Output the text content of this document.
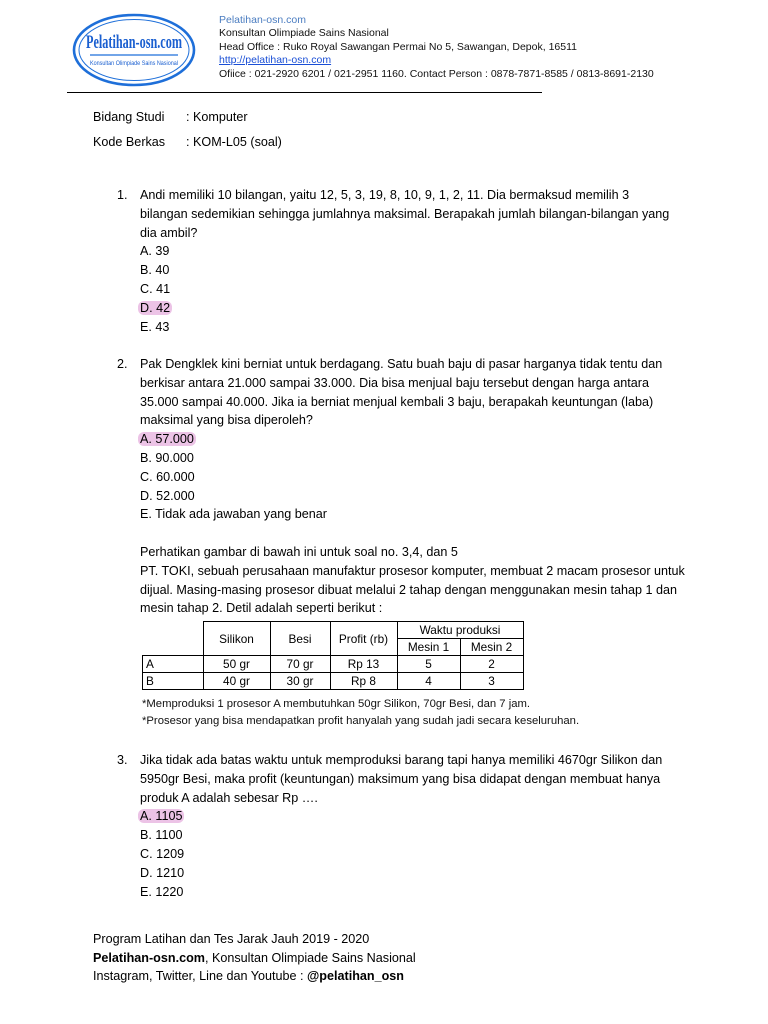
Pelatihan-osn.com
Konsultan Olimpiade Sains Nasional
Pelatihan-osn.com
Konsultan Olimpiade Sains Nasional
Head Office : Ruko Royal Sawangan Permai No 5, Sawangan, Depok, 16511
http://pelatihan-osn.com
Ofiice : 021-2920 6201 / 021-2951 1160. Contact Person : 0878-7871-8585 / 0813-8691-2130
Bidang Studi : Komputer
Kode Berkas : KOM-L05 (soal)
1. Andi memiliki 10 bilangan, yaitu 12, 5, 3, 19, 8, 10, 9, 1, 2, 11. Dia bermaksud memilih 3 bilangan sedemikian sehingga jumlahnya maksimal. Berapakah jumlah bilangan-bilangan yang dia ambil?
A. 39
B. 40
C. 41
D. 42
E. 43
2. Pak Dengklek kini berniat untuk berdagang. Satu buah baju di pasar harganya tidak tentu dan berkisar antara 21.000 sampai 33.000. Dia bisa menjual baju tersebut dengan harga antara 35.000 sampai 40.000. Jika ia berniat menjual kembali 3 baju, berapakah keuntungan (laba) maksimal yang bisa diperoleh?
A. 57.000
B. 90.000
C. 60.000
D. 52.000
E. Tidak ada jawaban yang benar
Perhatikan gambar di bawah ini untuk soal no. 3,4, dan 5
PT. TOKI, sebuah perusahaan manufaktur prosesor komputer, membuat 2 macam prosesor untuk dijual. Masing-masing prosesor dibuat melalui 2 tahap dengan menggunakan mesin tahap 1 dan mesin tahap 2. Detil adalah seperti berikut :
	Silikon	Besi	Profit (rb)	Waktu produksi	
				Mesin 1	Mesin 2
A	50 gr	70 gr	Rp 13	5	2
B	40 gr	30 gr	Rp 8	4	3
*Memproduksi 1 prosesor A membutuhkan 50gr Silikon, 70gr Besi, dan 7 jam.
*Prosesor yang bisa mendapatkan profit hanyalah yang sudah jadi secara keseluruhan.
3. Jika tidak ada batas waktu untuk memproduksi barang tapi hanya memiliki 4670gr Silikon dan 5950gr Besi, maka profit (keuntungan) maksimum yang bisa didapat dengan membuat hanya produk A adalah sebesar Rp ….
A. 1105
B. 1100
C. 1209
D. 1210
E. 1220
Program Latihan dan Tes Jarak Jauh 2019 - 2020
Pelatihan-osn.com, Konsultan Olimpiade Sains Nasional
Instagram, Twitter, Line dan Youtube : @pelatihan_osn
